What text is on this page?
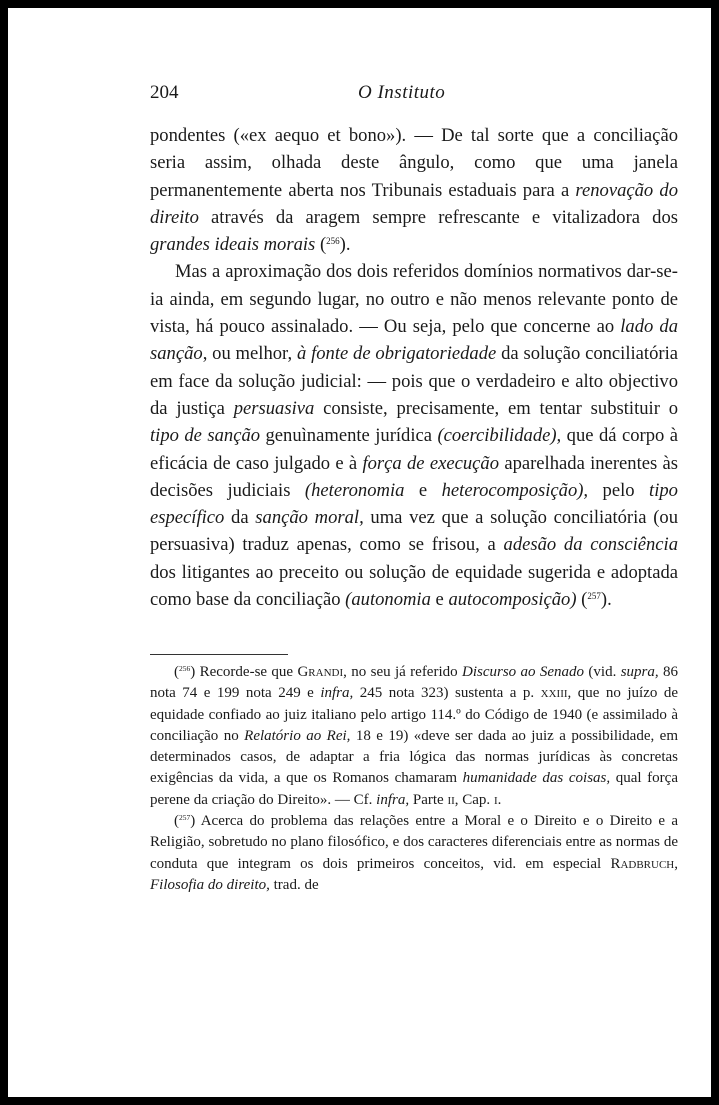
204	O Instituto

pondentes («ex aequo et bono»). — De tal sorte que a conciliação seria assim, olhada deste ângulo, como que uma janela permanentemente aberta nos Tribunais estaduais para a renovação do direito através da aragem sempre refrescante e vitalizadora dos grandes ideais morais ($^{256}$).

Mas a aproximação dos dois referidos domínios normativos dar-se-ia ainda, em segundo lugar, no outro e não menos relevante ponto de vista, há pouco assinalado. — Ou seja, pelo que concerne ao lado da sanção, ou melhor, à fonte de obrigatoriedade da solução conciliatória em face da solução judicial: — pois que o verdadeiro e alto objectivo da justiça persuasiva consiste, precisamente, em tentar substituir o tipo de sanção genuìnamente jurídica (coercibilidade), que dá corpo à eficácia de caso julgado e à força de execução aparelhada inerentes às decisões judiciais (heteronomia e heterocomposição), pelo tipo específico da sanção moral, uma vez que a solução conciliatória (ou persuasiva) traduz apenas, como se frisou, a adesão da consciência dos litigantes ao preceito ou solução de equidade sugerida e adoptada como base da conciliação (autonomia e autocomposição) ($^{257}$).

($^{256}$) Recorde-se que Grandi, no seu já referido Discurso ao Senado (vid. supra, 86 nota 74 e 199 nota 249 e infra, 245 nota 323) sustenta a p. xxiii, que no juízo de equidade confiado ao juiz italiano pelo artigo 114.º do Código de 1940 (e assimilado à conciliação no Relatório ao Rei, 18 e 19) «deve ser dada ao juiz a possibilidade, em determinados casos, de adaptar a fria lógica das normas jurídicas às concretas exigências da vida, a que os Romanos chamaram humanidade das coisas, qual força perene da criação do Direito». — Cf. infra, Parte ii, Cap. i.

($^{257}$) Acerca do problema das relações entre a Moral e o Direito e o Direito e a Religião, sobretudo no plano filosófico, e dos caracteres diferenciais entre as normas de conduta que integram os dois primeiros conceitos, vid. em especial Radbruch, Filosofia do direito, trad. de
